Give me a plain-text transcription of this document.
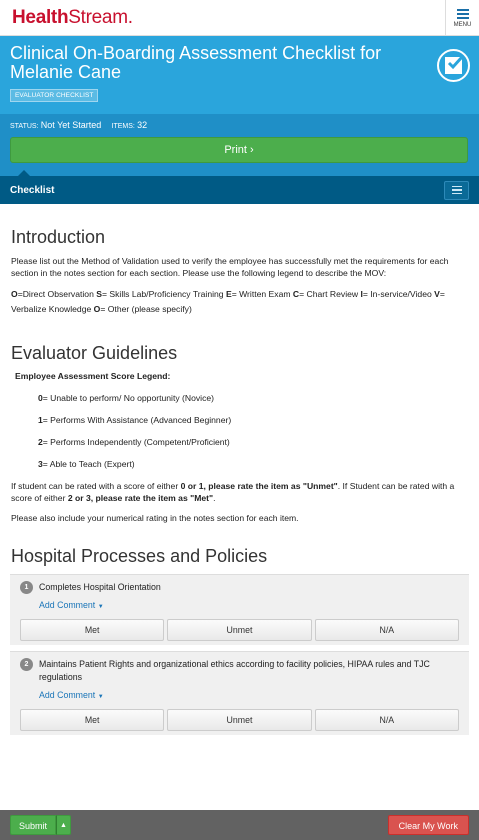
HealthStream.	MENU
Clinical On-Boarding Assessment Checklist for Melanie Cane
EVALUATOR CHECKLIST
STATUS: Not Yet Started ITEMS: 32
Print ›
Checklist
Introduction

Please list out the Method of Validation used to verify the employee has successfully met the requirements for each section in the notes section for each section. Please use the following legend to describe the MOV:

O=Direct Observation S= Skills Lab/Proficiency Training E= Written Exam C= Chart Review I= In-service/Video V= Verbalize Knowledge O= Other (please specify)

Evaluator Guidelines
Employee Assessment Score Legend:
0= Unable to perform/ No opportunity (Novice)
1= Performs With Assistance (Advanced Beginner)
2= Performs Independently (Competent/Proficient)
3= Able to Teach (Expert)

If student can be rated with a score of either 0 or 1, please rate the item as "Unmet". If Student can be rated with a score of either 2 or 3, please rate the item as "Met".

Please also include your numerical rating in the notes section for each item.

Hospital Processes and Policies
1	Completes Hospital Orientation
Add Comment ▼
Met	Unmet	N/A
2	Maintains Patient Rights and organizational ethics according to facility policies, HIPAA rules and TJC regulations
Add Comment ▼
Met	Unmet	N/A
Submit	▲	Clear My Work
